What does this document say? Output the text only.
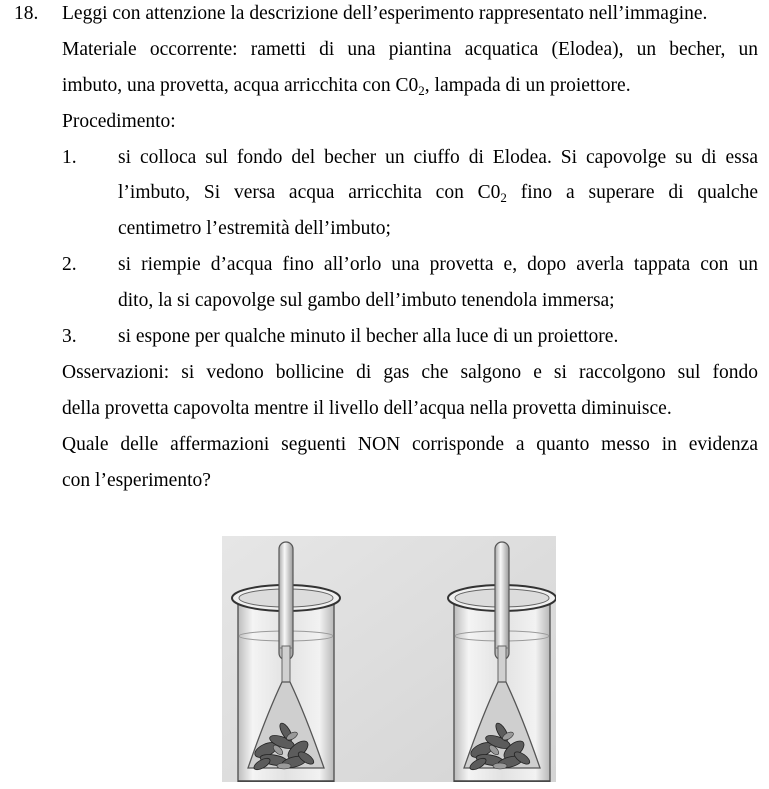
18. Leggi con attenzione la descrizione dell’esperimento rappresentato nell’immagine.
Materiale occorrente: rametti di una piantina acquatica (Elodea), un becher, un
imbuto, una provetta, acqua arricchita con $C0_2$, lampada di un proiettore.
Procedimento:
1. si colloca sul fondo del becher un ciuffo di Elodea. Si capovolge su di essa
l’imbuto, Si versa acqua arricchita con $C0_2$ fino a superare di qualche
centimetro l’estremità dell’imbuto;
2. si riempie d’acqua fino all’orlo una provetta e, dopo averla tappata con un
dito, la si capovolge sul gambo dell’imbuto tenendola immersa;
3. si espone per qualche minuto il becher alla luce di un proiettore.
Osservazioni: si vedono bollicine di gas che salgono e si raccolgono sul fondo
della provetta capovolta mentre il livello dell’acqua nella provetta diminuisce.
Quale delle affermazioni seguenti NON corrisponde a quanto messo in evidenza
con l’esperimento?
